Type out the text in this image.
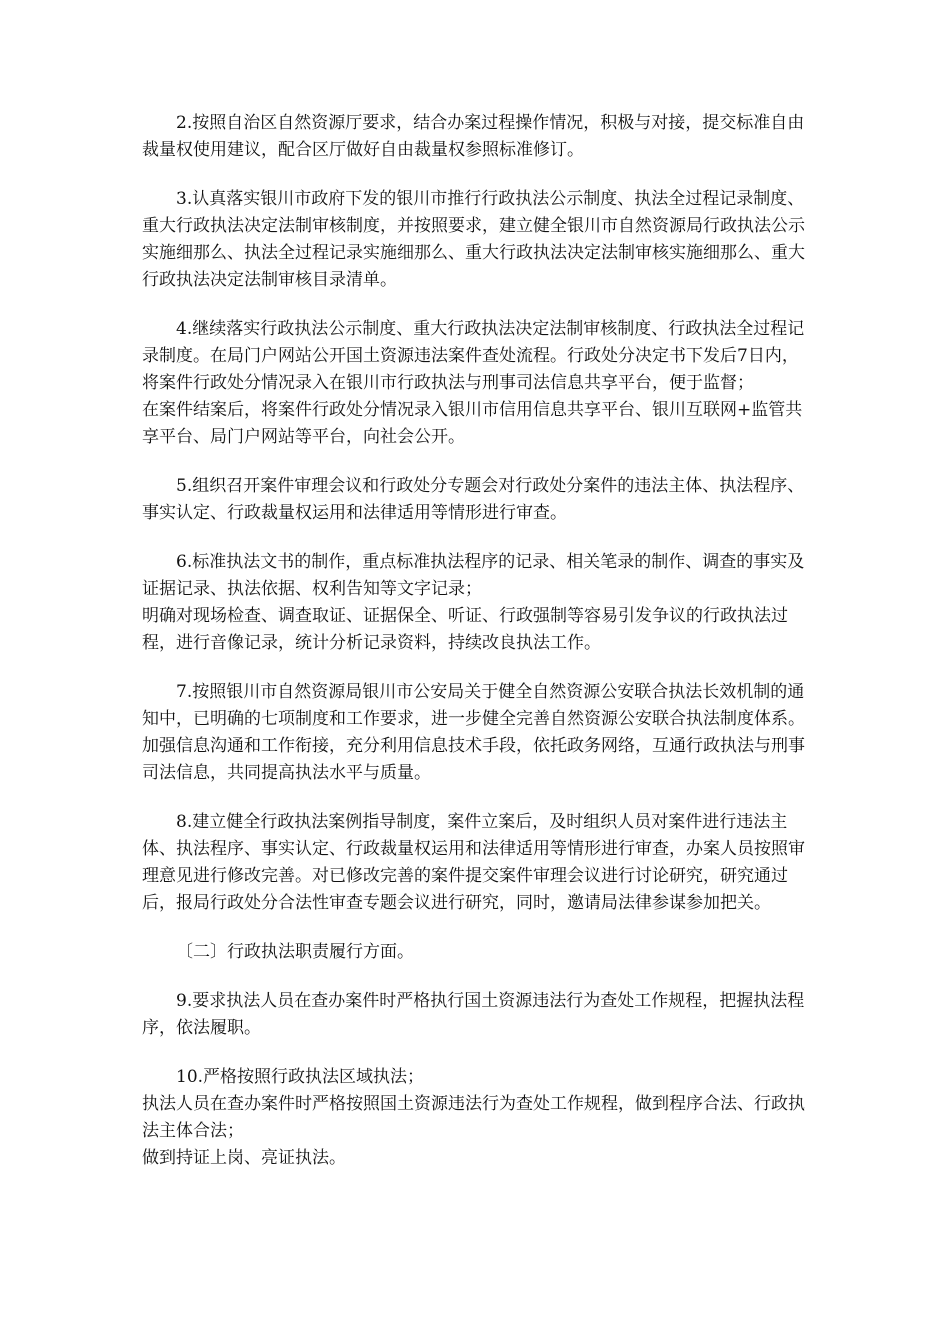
2.按照自治区自然资源厅要求，结合办案过程操作情况，积极与对接，提交标准自由裁量权使用建议，配合区厅做好自由裁量权参照标准修订。

3.认真落实银川市政府下发的银川市推行行政执法公示制度、执法全过程记录制度、重大行政执法决定法制审核制度，并按照要求，建立健全银川市自然资源局行政执法公示实施细那么、执法全过程记录实施细那么、重大行政执法决定法制审核实施细那么、重大行政执法决定法制审核目录清单。

4.继续落实行政执法公示制度、重大行政执法决定法制审核制度、行政执法全过程记录制度。在局门户网站公开国土资源违法案件查处流程。行政处分决定书下发后7日内，将案件行政处分情况录入在银川市行政执法与刑事司法信息共享平台，便于监督；

在案件结案后，将案件行政处分情况录入银川市信用信息共享平台、银川互联网+监管共享平台、局门户网站等平台，向社会公开。

5.组织召开案件审理会议和行政处分专题会对行政处分案件的违法主体、执法程序、事实认定、行政裁量权运用和法律适用等情形进行审查。

6.标准执法文书的制作，重点标准执法程序的记录、相关笔录的制作、调查的事实及证据记录、执法依据、权利告知等文字记录；

明确对现场检查、调查取证、证据保全、听证、行政强制等容易引发争议的行政执法过程，进行音像记录，统计分析记录资料，持续改良执法工作。

7.按照银川市自然资源局银川市公安局关于健全自然资源公安联合执法长效机制的通知中，已明确的七项制度和工作要求，进一步健全完善自然资源公安联合执法制度体系。加强信息沟通和工作衔接，充分利用信息技术手段，依托政务网络，互通行政执法与刑事司法信息，共同提高执法水平与质量。

8.建立健全行政执法案例指导制度，案件立案后，及时组织人员对案件进行违法主体、执法程序、事实认定、行政裁量权运用和法律适用等情形进行审查，办案人员按照审理意见进行修改完善。对已修改完善的案件提交案件审理会议进行讨论研究，研究通过后，报局行政处分合法性审查专题会议进行研究，同时，邀请局法律参谋参加把关。

〔二〕行政执法职责履行方面。

9.要求执法人员在查办案件时严格执行国土资源违法行为查处工作规程，把握执法程序，依法履职。

10.严格按照行政执法区域执法；

执法人员在查办案件时严格按照国土资源违法行为查处工作规程，做到程序合法、行政执法主体合法；

做到持证上岗、亮证执法。
